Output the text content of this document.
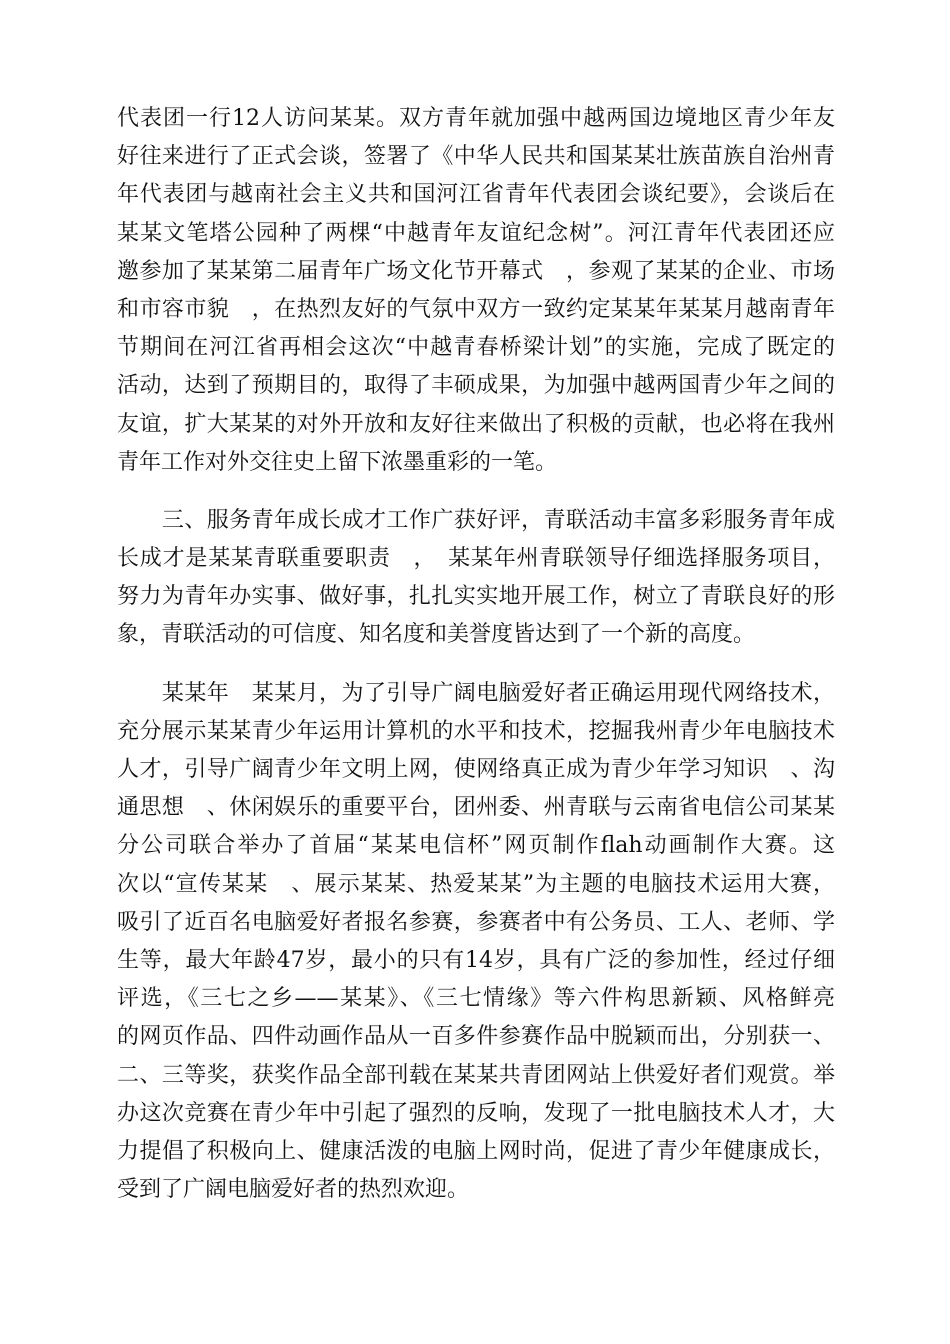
代表团一行12人访问某某。双方青年就加强中越两国边境地区青少年友
好往来进行了正式会谈，签署了《中华人民共和国某某壮族苗族自治州青
年代表团与越南社会主义共和国河江省青年代表团会谈纪要》，会谈后在
某某文笔塔公园种了两棵“中越青年友谊纪念树”。河江青年代表团还应
邀参加了某某第二届青年广场文化节开幕式　，参观了某某的企业、市场
和市容市貌　，在热烈友好的气氛中双方一致约定某某年某某月越南青年
节期间在河江省再相会这次“中越青春桥梁计划”的实施，完成了既定的
活动，达到了预期目的，取得了丰硕成果，为加强中越两国青少年之间的
友谊，扩大某某的对外开放和友好往来做出了积极的贡献，也必将在我州
青年工作对外交往史上留下浓墨重彩的一笔。
　　三、服务青年成长成才工作广获好评，青联活动丰富多彩服务青年成
长成才是某某青联重要职责　，　某某年州青联领导仔细选择服务项目，
努力为青年办实事、做好事，扎扎实实地开展工作，树立了青联良好的形
象，青联活动的可信度、知名度和美誉度皆达到了一个新的高度。
　　某某年　某某月，为了引导广阔电脑爱好者正确运用现代网络技术，
充分展示某某青少年运用计算机的水平和技术，挖掘我州青少年电脑技术
人才，引导广阔青少年文明上网，使网络真正成为青少年学习知识　、沟
通思想　、休闲娱乐的重要平台，团州委、州青联与云南省电信公司某某
分公司联合举办了首届“某某电信杯”网页制作flah动画制作大赛。这
次以“宣传某某　、展示某某、热爱某某”为主题的电脑技术运用大赛，
吸引了近百名电脑爱好者报名参赛，参赛者中有公务员、工人、老师、学
生等，最大年龄47岁，最小的只有14岁，具有广泛的参加性，经过仔细
评选，《三七之乡——某某》、《三七情缘》等六件构思新颖、风格鲜亮
的网页作品、四件动画作品从一百多件参赛作品中脱颖而出，分别获一、
二、三等奖，获奖作品全部刊载在某某共青团网站上供爱好者们观赏。举
办这次竞赛在青少年中引起了强烈的反响，发现了一批电脑技术人才，大
力提倡了积极向上、健康活泼的电脑上网时尚，促进了青少年健康成长，
受到了广阔电脑爱好者的热烈欢迎。
